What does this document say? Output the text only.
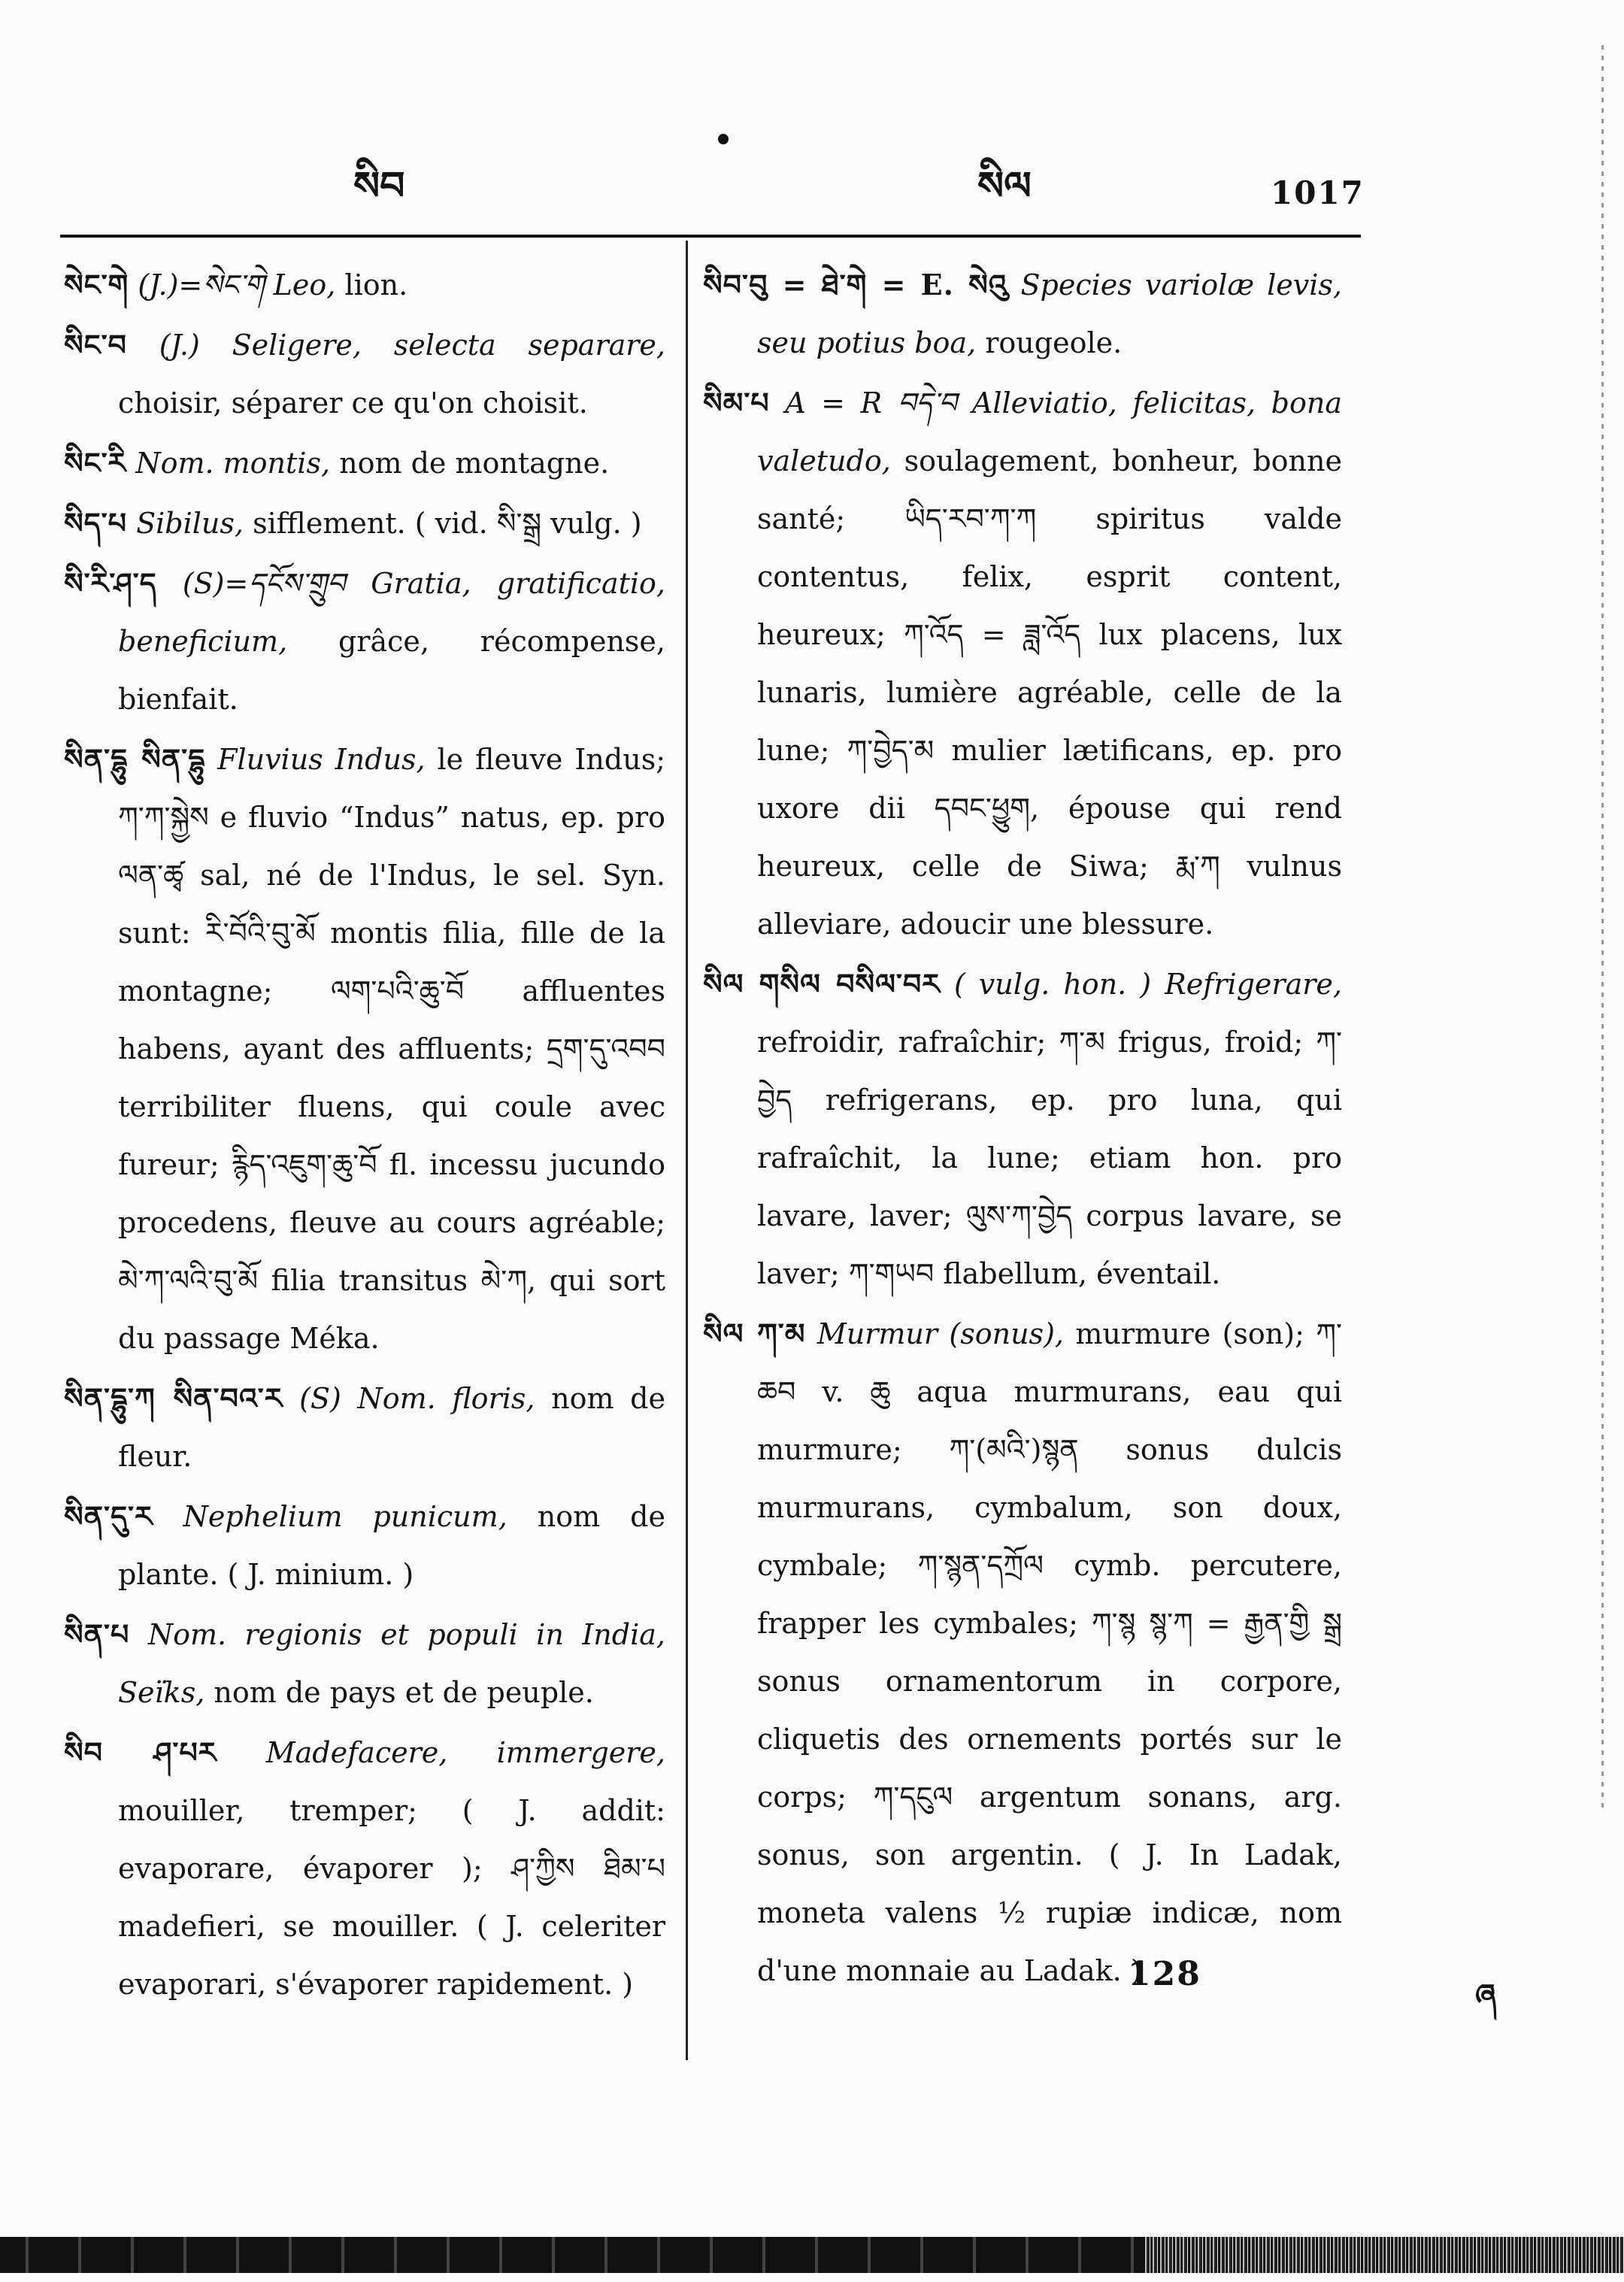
སིབ	སིལ	1017

སེང་གེ (J.)=སེང་གེ Leo, lion.

སིང་བ (J.) Seligere, selecta separare, choisir, séparer ce qu'on choisit.

སིང་རི Nom. montis, nom de montagne.

སིད་པ Sibilus, sifflement. ( vid. སི་སྒྲ vulg. )

སི་རི་ཤ་ད (S)=དངོས་གྲུབ Gratia, gratificatio, beneficium, grâce, récompense, bienfait.

སིན་དྷུ སིན་དྷུ Fluvius Indus, le fleuve Indus; ཀ་ཀ་སྐྱེས e fluvio “Indus” natus, ep. pro ལན་ཚྭ sal, né de l'Indus, le sel. Syn. sunt: རི་བོའི་བུ་མོ montis filia, fille de la montagne; ལག་པའི་ཆུ་བོ affluentes habens, ayant des affluents; དྲག་དུ་འབབ terribiliter fluens, qui coule avec fureur; རྙིད་འཇུག་ཆུ་བོ fl. incessu jucundo procedens, fleuve au cours agréable; མེ་ཀ་ལའི་བུ་མོ filia transitus མེ་ཀ, qui sort du passage Méka.

སིན་དྷུ་ཀ སིན་བའ་ར (S) Nom. floris, nom de fleur.

སིན་དུ་ར Nephelium punicum, nom de plante. ( J. minium. )

སིན་པ Nom. regionis et populi in India, Seïks, nom de pays et de peuple.

སིབ ཤ་པར Madefacere, immergere, mouiller, tremper; ( J. addit: evaporare, évaporer ); ཤ་ཀྱིས ཐིམ་པ madefieri, se mouiller. ( J. celeriter evaporari, s'évaporer rapidement. )

སིབ་བུ = ཐེ་གེ = E. སེའུ Species variolæ levis, seu potius boa, rougeole.

སིམ་པ A = R བདེ་བ Alleviatio, felicitas, bona valetudo, soulagement, bonheur, bonne santé; ཡིད་རབ་ཀ་ཀ spiritus valde contentus, felix, esprit content, heureux; ཀ་འོད = ཟླ་འོད lux placens, lux lunaris, lumière agréable, celle de la lune; ཀ་བྱེད་མ mulier lætificans, ep. pro uxore dii དབང་ཕྱུག, épouse qui rend heureux, celle de Siwa; རྨ་ཀ vulnus alleviare, adoucir une blessure.

སིལ གསིལ བསིལ་བར ( vulg. hon. ) Refrigerare, refroidir, rafraîchir; ཀ་མ frigus, froid; ཀ་བྱེད refrigerans, ep. pro luna, qui rafraîchit, la lune; etiam hon. pro lavare, laver; ལུས་ཀ་བྱེད corpus lavare, se laver; ཀ་གཡབ flabellum, éventail.

སིལ ཀ་མ Murmur (sonus), murmure (son); ཀ་ཆབ v. ཆུ aqua murmurans, eau qui murmure; ཀ་(མའི་)སྙན sonus dulcis murmurans, cymbalum, son doux, cymbale; ཀ་སྙན་དཀྲོལ cymb. percutere, frapper les cymbales; ཀ་སྙ སྙ་ཀ = རྒྱན་གྱི སྒྲ sonus ornamentorum in corpore, cliquetis des ornements portés sur le corps; ཀ་དངུལ argentum sonans, arg. sonus, son argentin. ( J. In Ladak, moneta valens ½ rupiæ indicæ, nom d'une monnaie au Ladak. )

128
ཞ
